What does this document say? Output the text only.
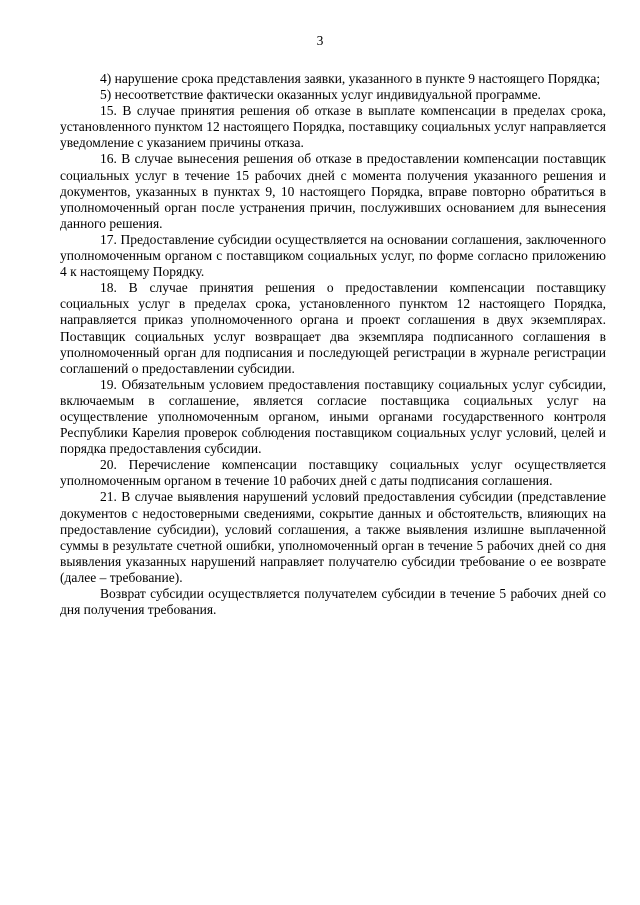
3

4) нарушение срока представления заявки, указанного в пункте 9 настоящего Порядка;

5) несоответствие фактически оказанных услуг индивидуальной программе.

15. В случае принятия решения об отказе в выплате компенсации в пределах срока, установленного пунктом 12 настоящего Порядка, поставщику социальных услуг направляется уведомление с указанием причины отказа.

16. В случае вынесения решения об отказе в предоставлении компенсации поставщик социальных услуг в течение 15 рабочих дней с момента получения указанного решения и документов, указанных в пунктах 9, 10 настоящего Порядка, вправе повторно обратиться в уполномоченный орган после устранения причин, послуживших основанием для вынесения данного решения.

17. Предоставление субсидии осуществляется на основании соглашения, заключенного уполномоченным органом с поставщиком социальных услуг, по форме согласно приложению 4 к настоящему Порядку.

18. В случае принятия решения о предоставлении компенсации поставщику социальных услуг в пределах срока, установленного пунктом 12 настоящего Порядка, направляется приказ уполномоченного органа и проект соглашения в двух экземплярах. Поставщик социальных услуг возвращает два экземпляра подписанного соглашения в уполномоченный орган для подписания и последующей регистрации в журнале регистрации соглашений о предоставлении субсидии.

19. Обязательным условием предоставления поставщику социальных услуг субсидии, включаемым в соглашение, является согласие поставщика социальных услуг на осуществление уполномоченным органом, иными органами государственного контроля Республики Карелия проверок соблюдения поставщиком социальных услуг условий, целей и порядка предоставления субсидии.

20. Перечисление компенсации поставщику социальных услуг осуществляется уполномоченным органом в течение 10 рабочих дней с даты подписания соглашения.

21. В случае выявления нарушений условий предоставления субсидии (представление документов с недостоверными сведениями, сокрытие данных и обстоятельств, влияющих на предоставление субсидии), условий соглашения, а также выявления излишне выплаченной суммы в результате счетной ошибки, уполномоченный орган в течение 5 рабочих дней со дня выявления указанных нарушений направляет получателю субсидии требование о ее возврате (далее – требование).

Возврат субсидии осуществляется получателем субсидии в течение 5 рабочих дней со дня получения требования.
